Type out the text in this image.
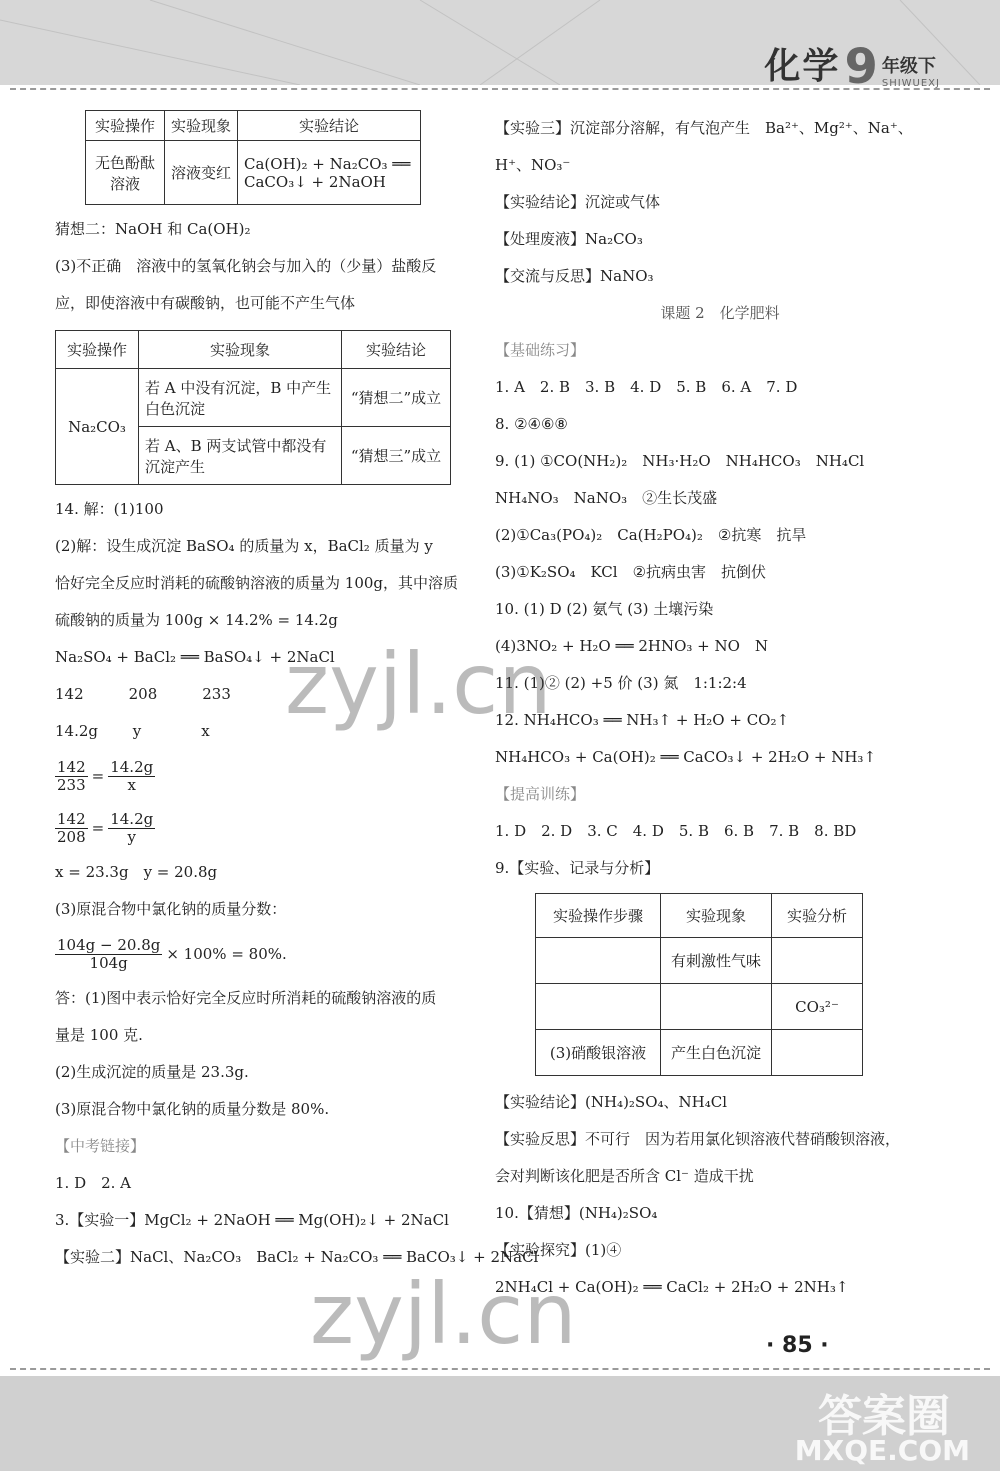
化学 9 年级下
SHIWUEXJ
实验操作	实验现象	实验结论
无色酚酞溶液	溶液变红	Ca(OH)₂ + Na₂CO₃ ══ CaCO₃↓ + 2NaOH
猜想二：NaOH 和 Ca(OH)₂
(3)不正确　溶液中的氢氧化钠会与加入的（少量）盐酸反
应，即使溶液中有碳酸钠，也可能不产生气体
实验操作	实验现象	实验结论
Na₂CO₃	若 A 中没有沉淀，B 中产生白色沉淀	“猜想二”成立
	若 A、B 两支试管中都没有沉淀产生	“猜想三”成立
14. 解：(1)100
(2)解：设生成沉淀 BaSO₄ 的质量为 x，BaCl₂ 质量为 y
恰好完全反应时消耗的硫酸钠溶液的质量为 100g，其中溶质
硫酸钠的质量为 100g × 14.2% = 14.2g
Na₂SO₄ + BaCl₂ ══ BaSO₄↓ + 2NaCl
142　　　208　　　233
14.2g　　 y　　　　x
$\frac{142}{233} = \frac{14.2g}{x}$
$\frac{142}{208} = \frac{14.2g}{y}$
x = 23.3g　y = 20.8g
(3)原混合物中氯化钠的质量分数：
$\frac{104g - 20.8g}{104g} \times 100\% = 80\%$.
答：(1)图中表示恰好完全反应时所消耗的硫酸钠溶液的质
量是 100 克.
(2)生成沉淀的质量是 23.3g.
(3)原混合物中氯化钠的质量分数是 80%.
【中考链接】
1. D　2. A
3.【实验一】MgCl₂ + 2NaOH ══ Mg(OH)₂↓ + 2NaCl
【实验二】NaCl、Na₂CO₃　BaCl₂ + Na₂CO₃ ══ BaCO₃↓ + 2NaCl
【实验三】沉淀部分溶解，有气泡产生　Ba²⁺、Mg²⁺、Na⁺、
H⁺、NO₃⁻
【实验结论】沉淀或气体
【处理废液】Na₂CO₃
【交流与反思】NaNO₃
课题 2　化学肥料
【基础练习】
1. A　2. B　3. B　4. D　5. B　6. A　7. D
8. ②④⑥⑧
9. (1) ①CO(NH₂)₂　NH₃·H₂O　NH₄HCO₃　NH₄Cl
NH₄NO₃　NaNO₃　②生长茂盛
(2)①Ca₃(PO₄)₂　Ca(H₂PO₄)₂　②抗寒　抗旱
(3)①K₂SO₄　KCl　②抗病虫害　抗倒伏
10. (1) D (2) 氨气 (3) 土壤污染
(4)3NO₂ + H₂O ══ 2HNO₃ + NO　N
11. (1)② (2) +5 价 (3) 氮　1:1:2:4
12. NH₄HCO₃ ══ NH₃↑ + H₂O + CO₂↑
NH₄HCO₃ + Ca(OH)₂ ══ CaCO₃↓ + 2H₂O + NH₃↑
【提高训练】
1. D　2. D　3. C　4. D　5. B　6. B　7. B　8. BD
9.【实验、记录与分析】
实验操作步骤	实验现象	实验分析
	有刺激性气味	
		CO₃²⁻
(3)硝酸银溶液	产生白色沉淀	
【实验结论】(NH₄)₂SO₄、NH₄Cl
【实验反思】不可行　因为若用氯化钡溶液代替硝酸钡溶液，
会对判断该化肥是否所含 Cl⁻ 造成干扰
10.【猜想】(NH₄)₂SO₄
【实验探究】(1)④
2NH₄Cl + Ca(OH)₂ ══ CaCl₂ + 2H₂O + 2NH₃↑
zyjl.cn
zyjl.cn	· 85 ·
答案圈
MXQE.COM
